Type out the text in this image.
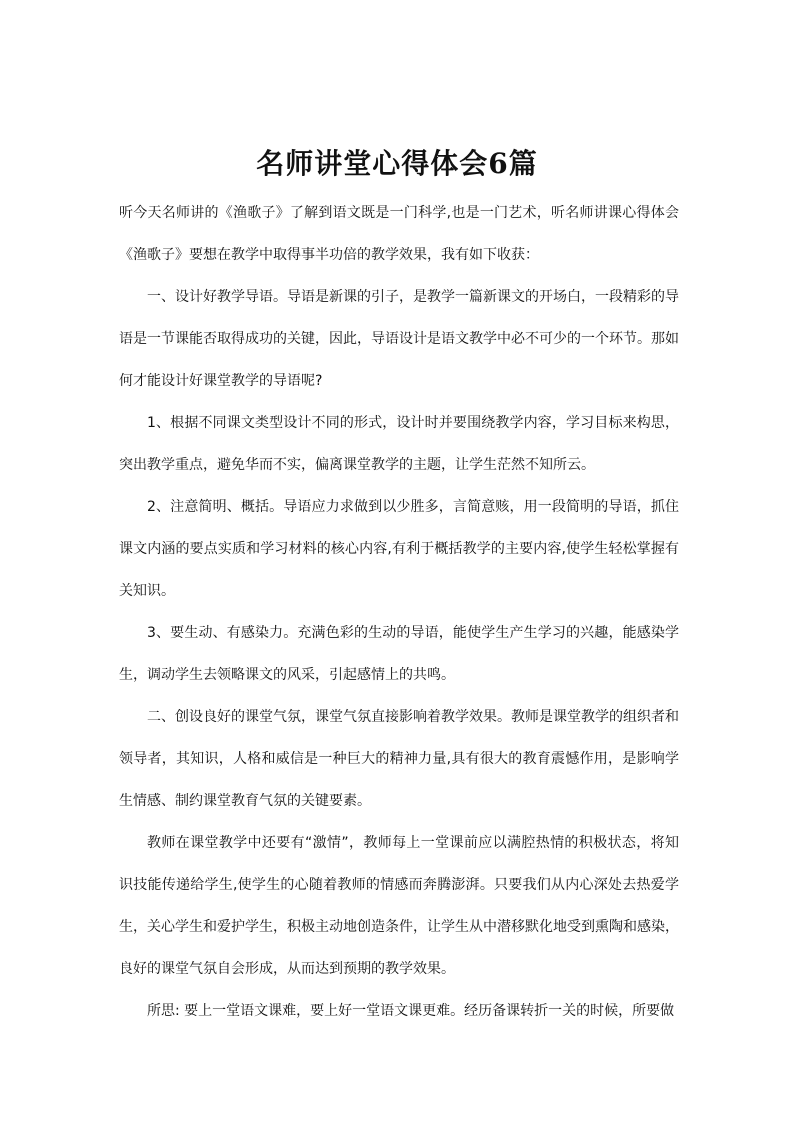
名师讲堂心得体会6篇

听今天名师讲的《渔歌子》了解到语文既是一门科学,也是一门艺术，听名师讲课心得体会《渔歌子》要想在教学中取得事半功倍的教学效果，我有如下收获：

一、设计好教学导语。导语是新课的引子，是教学一篇新课文的开场白，一段精彩的导语是一节课能否取得成功的关键，因此，导语设计是语文教学中必不可少的一个环节。那如何才能设计好课堂教学的导语呢?

1、根据不同课文类型设计不同的形式，设计时并要围绕教学内容，学习目标来构思，突出教学重点，避免华而不实，偏离课堂教学的主题，让学生茫然不知所云。

2、注意简明、概括。导语应力求做到以少胜多，言简意赅，用一段简明的导语，抓住课文内涵的要点实质和学习材料的核心内容,有利于概括教学的主要内容,使学生轻松掌握有关知识。

3、要生动、有感染力。充满色彩的生动的导语，能使学生产生学习的兴趣，能感染学生，调动学生去领略课文的风采，引起感情上的共鸣。

二、创设良好的课堂气氛，课堂气氛直接影响着教学效果。教师是课堂教学的组织者和领导者，其知识，人格和威信是一种巨大的精神力量,具有很大的教育震憾作用，是影响学生情感、制约课堂教育气氛的关键要素。

教师在课堂教学中还要有“激情”，教师每上一堂课前应以满腔热情的积极状态，将知识技能传递给学生,使学生的心随着教师的情感而奔腾澎湃。只要我们从内心深处去热爱学生，关心学生和爱护学生，积极主动地创造条件，让学生从中潜移默化地受到熏陶和感染，良好的课堂气氛自会形成，从而达到预期的教学效果。

所思: 要上一堂语文课难，要上好一堂语文课更难。经历备课转折一关的时候，所要做
